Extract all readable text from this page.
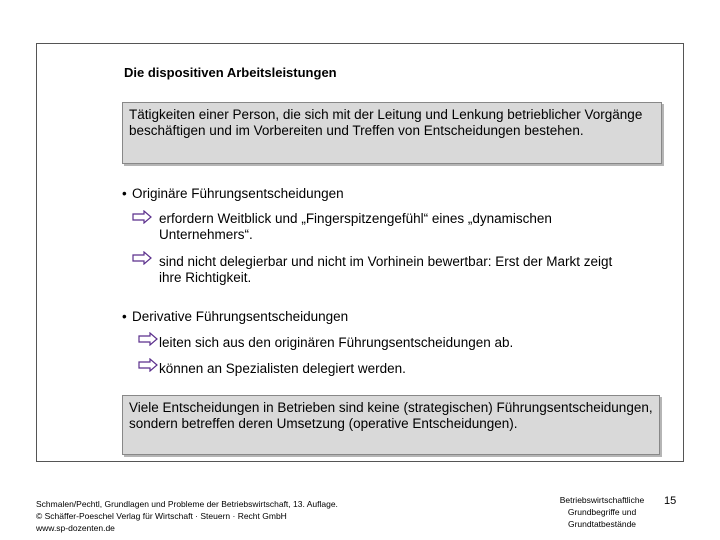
Die dispositiven Arbeitsleistungen
Tätigkeiten einer Person, die sich mit der Leitung und Lenkung betrieblicher Vorgänge beschäftigen und im Vorbereiten und Treffen von Entscheidungen bestehen.
• Originäre Führungsentscheidungen
erfordern Weitblick und „Fingerspitzengefühl“ eines „dynamischen Unternehmers“.
sind nicht delegierbar und nicht im Vorhinein bewertbar: Erst der Markt zeigt ihre Richtigkeit.
• Derivative Führungsentscheidungen
leiten sich aus den originären Führungsentscheidungen ab.
können an Spezialisten delegiert werden.
Viele Entscheidungen in Betrieben sind keine (strategischen) Führungsentscheidungen, sondern betreffen deren Umsetzung (operative Entscheidungen).
Schmalen/Pechtl, Grundlagen und Probleme der Betriebswirtschaft, 13. Auflage.
© Schäffer-Poeschel Verlag für Wirtschaft · Steuern · Recht GmbH
www.sp-dozenten.de
Betriebswirtschaftliche
Grundbegriffe und
Grundtatbestände
15
